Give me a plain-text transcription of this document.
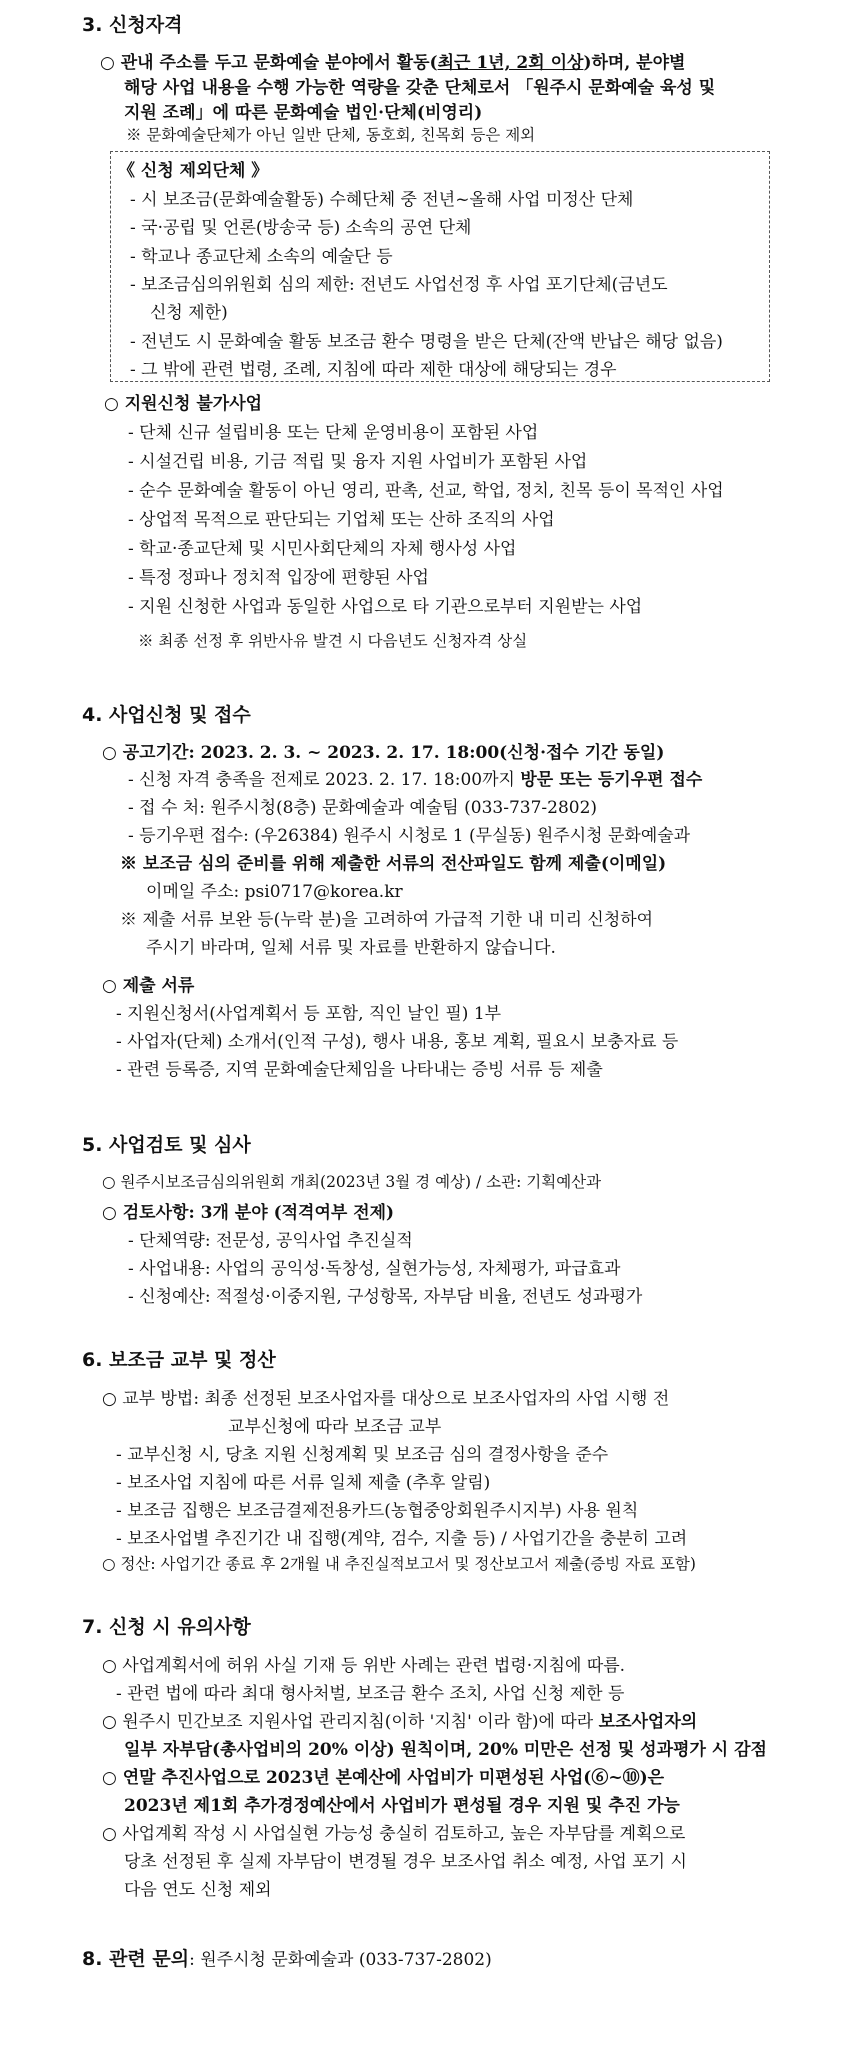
3. 신청자격
○ 관내 주소를 두고 문화예술 분야에서 활동(최근 1년, 2회 이상)하며, 분야별
해당 사업 내용을 수행 가능한 역량을 갖춘 단체로서 「원주시 문화예술 육성 및
지원 조례」에 따른 문화예술 법인·단체(비영리)
※ 문화예술단체가 아닌 일반 단체, 동호회, 친목회 등은 제외
《 신청 제외단체 》
- 시 보조금(문화예술활동) 수혜단체 중 전년~올해 사업 미정산 단체
- 국·공립 및 언론(방송국 등) 소속의 공연 단체
- 학교나 종교단체 소속의 예술단 등
- 보조금심의위원회 심의 제한: 전년도 사업선정 후 사업 포기단체(금년도
신청 제한)
- 전년도 시 문화예술 활동 보조금 환수 명령을 받은 단체(잔액 반납은 해당 없음)
- 그 밖에 관련 법령, 조례, 지침에 따라 제한 대상에 해당되는 경우
○ 지원신청 불가사업
- 단체 신규 설립비용 또는 단체 운영비용이 포함된 사업
- 시설건립 비용, 기금 적립 및 융자 지원 사업비가 포함된 사업
- 순수 문화예술 활동이 아닌 영리, 판촉, 선교, 학업, 정치, 친목 등이 목적인 사업
- 상업적 목적으로 판단되는 기업체 또는 산하 조직의 사업
- 학교·종교단체 및 시민사회단체의 자체 행사성 사업
- 특정 정파나 정치적 입장에 편향된 사업
- 지원 신청한 사업과 동일한 사업으로 타 기관으로부터 지원받는 사업
※ 최종 선정 후 위반사유 발견 시 다음년도 신청자격 상실
4. 사업신청 및 접수
○ 공고기간: 2023. 2. 3. ~ 2023. 2. 17. 18:00(신청·접수 기간 동일)
- 신청 자격 충족을 전제로 2023. 2. 17. 18:00까지 방문 또는 등기우편 접수
- 접 수 처: 원주시청(8층) 문화예술과 예술팀 (033-737-2802)
- 등기우편 접수: (우26384) 원주시 시청로 1 (무실동) 원주시청 문화예술과
※ 보조금 심의 준비를 위해 제출한 서류의 전산파일도 함께 제출(이메일)
이메일 주소: psi0717@korea.kr
※ 제출 서류 보완 등(누락 분)을 고려하여 가급적 기한 내 미리 신청하여
주시기 바라며, 일체 서류 및 자료를 반환하지 않습니다.
○ 제출 서류
- 지원신청서(사업계획서 등 포함, 직인 날인 필) 1부
- 사업자(단체) 소개서(인적 구성), 행사 내용, 홍보 계획, 필요시 보충자료 등
- 관련 등록증, 지역 문화예술단체임을 나타내는 증빙 서류 등 제출
5. 사업검토 및 심사
○ 원주시보조금심의위원회 개최(2023년 3월 경 예상) / 소관: 기획예산과
○ 검토사항: 3개 분야 (적격여부 전제)
- 단체역량: 전문성, 공익사업 추진실적
- 사업내용: 사업의 공익성·독창성, 실현가능성, 자체평가, 파급효과
- 신청예산: 적절성·이중지원, 구성항목, 자부담 비율, 전년도 성과평가
6. 보조금 교부 및 정산
○ 교부 방법: 최종 선정된 보조사업자를 대상으로 보조사업자의 사업 시행 전
교부신청에 따라 보조금 교부
- 교부신청 시, 당초 지원 신청계획 및 보조금 심의 결정사항을 준수
- 보조사업 지침에 따른 서류 일체 제출 (추후 알림)
- 보조금 집행은 보조금결제전용카드(농협중앙회원주시지부) 사용 원칙
- 보조사업별 추진기간 내 집행(계약, 검수, 지출 등) / 사업기간을 충분히 고려
○ 정산: 사업기간 종료 후 2개월 내 추진실적보고서 및 정산보고서 제출(증빙 자료 포함)
7. 신청 시 유의사항
○ 사업계획서에 허위 사실 기재 등 위반 사례는 관련 법령·지침에 따름.
- 관련 법에 따라 최대 형사처벌, 보조금 환수 조치, 사업 신청 제한 등
○ 원주시 민간보조 지원사업 관리지침(이하 '지침' 이라 함)에 따라 보조사업자의
일부 자부담(총사업비의 20% 이상) 원칙이며, 20% 미만은 선정 및 성과평가 시 감점
○ 연말 추진사업으로 2023년 본예산에 사업비가 미편성된 사업(⑥~⑩)은
2023년 제1회 추가경정예산에서 사업비가 편성될 경우 지원 및 추진 가능
○ 사업계획 작성 시 사업실현 가능성 충실히 검토하고, 높은 자부담를 계획으로
당초 선정된 후 실제 자부담이 변경될 경우 보조사업 취소 예정, 사업 포기 시
다음 연도 신청 제외
8. 관련 문의: 원주시청 문화예술과 (033-737-2802)
